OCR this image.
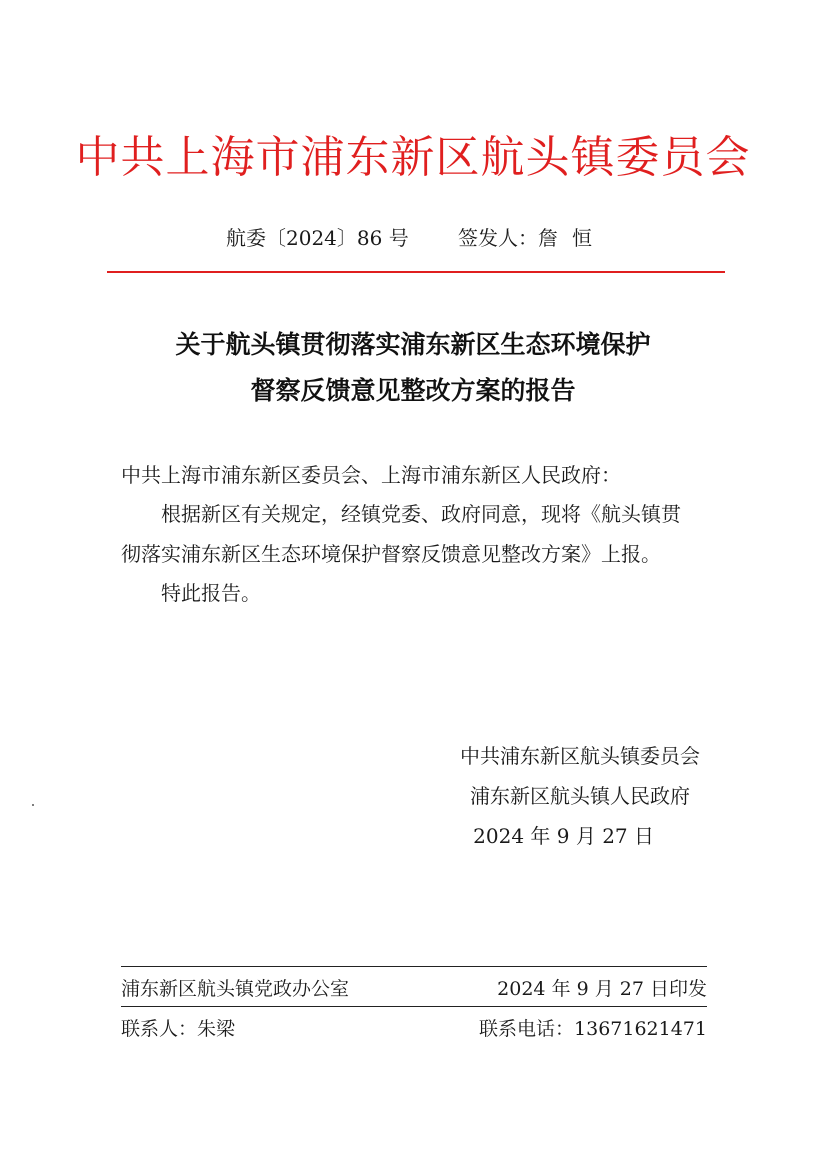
中共上海市浦东新区航头镇委员会
航委〔2024〕86 号 签发人：詹恒
关于航头镇贯彻落实浦东新区生态环境保护
督察反馈意见整改方案的报告
中共上海市浦东新区委员会、上海市浦东新区人民政府：
根据新区有关规定，经镇党委、政府同意，现将《航头镇贯
彻落实浦东新区生态环境保护督察反馈意见整改方案》上报。
特此报告。
中共浦东新区航头镇委员会
浦东新区航头镇人民政府
2024 年 9 月 27 日
浦东新区航头镇党政办公室	2024 年 9 月 27 日印发
联系人：朱梁	联系电话：13671621471
